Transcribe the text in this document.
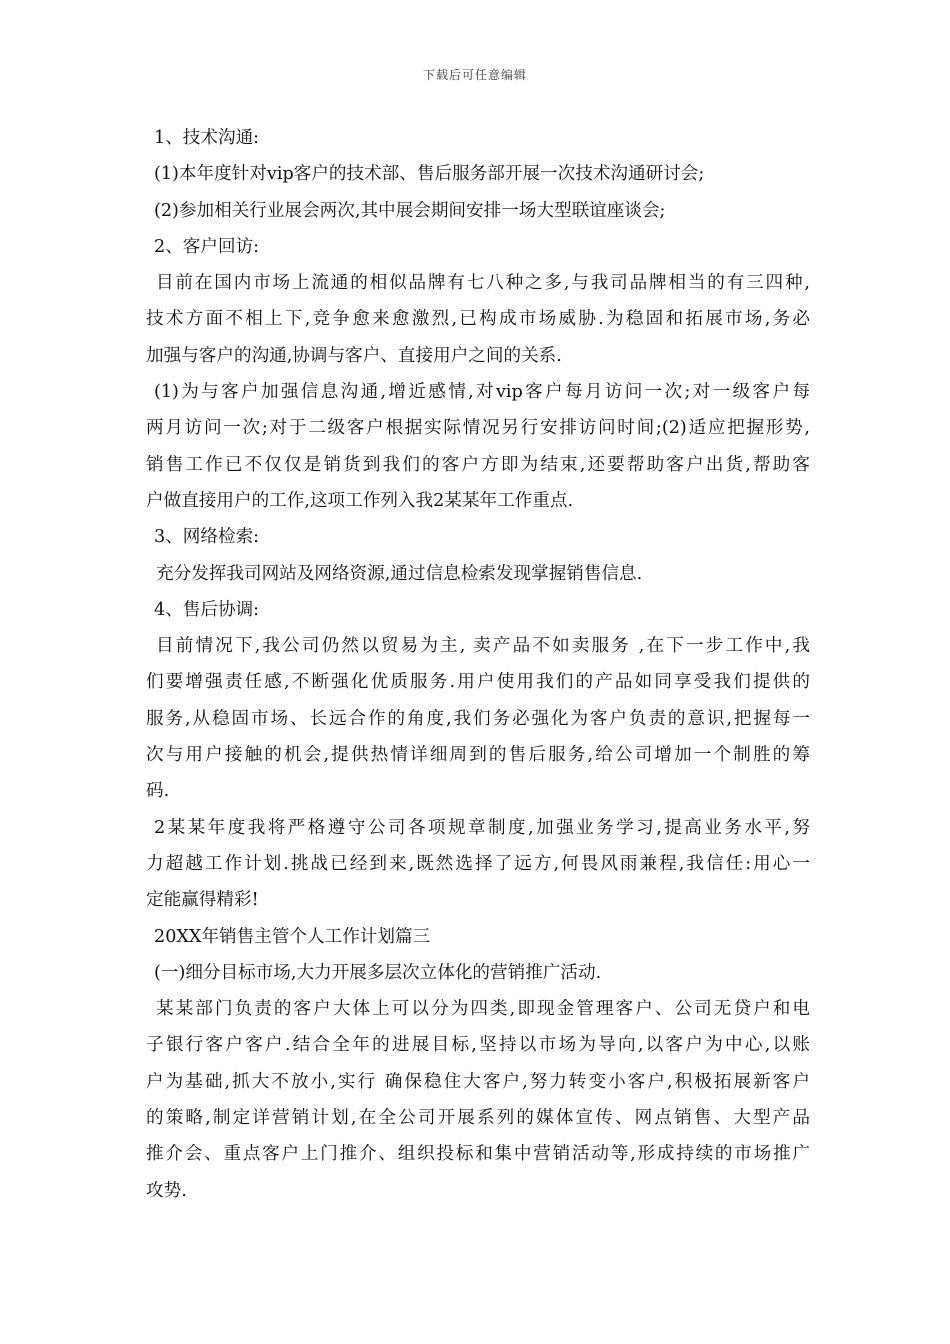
下载后可任意编辑
1、技术沟通:
(1)本年度针对vip客户的技术部、售后服务部开展一次技术沟通研讨会;
(2)参加相关行业展会两次,其中展会期间安排一场大型联谊座谈会;
2、客户回访:
目前在国内市场上流通的相似品牌有七八种之多,与我司品牌相当的有三四种,
技术方面不相上下,竞争愈来愈激烈,已构成市场威胁.为稳固和拓展市场,务必
加强与客户的沟通,协调与客户、直接用户之间的关系.
(1)为与客户加强信息沟通,增近感情,对vip客户每月访问一次;对一级客户每
两月访问一次;对于二级客户根据实际情况另行安排访问时间;(2)适应把握形势,
销售工作已不仅仅是销货到我们的客户方即为结束,还要帮助客户出货,帮助客
户做直接用户的工作,这项工作列入我2某某年工作重点.
3、网络检索:
充分发挥我司网站及网络资源,通过信息检索发现掌握销售信息.
4、售后协调:
目前情况下,我公司仍然以贸易为主, 卖产品不如卖服务 ,在下一步工作中,我
们要增强责任感,不断强化优质服务.用户使用我们的产品如同享受我们提供的
服务,从稳固市场、长远合作的角度,我们务必强化为客户负责的意识,把握每一
次与用户接触的机会,提供热情详细周到的售后服务,给公司增加一个制胜的筹
码.
2某某年度我将严格遵守公司各项规章制度,加强业务学习,提高业务水平,努
力超越工作计划.挑战已经到来,既然选择了远方,何畏风雨兼程,我信任:用心一
定能赢得精彩!
20XX年销售主管个人工作计划篇三
(一)细分目标市场,大力开展多层次立体化的营销推广活动.
某某部门负责的客户大体上可以分为四类,即现金管理客户、公司无贷户和电
子银行客户客户.结合全年的进展目标,坚持以市场为导向,以客户为中心,以账
户为基础,抓大不放小,实行 确保稳住大客户,努力转变小客户,积极拓展新客户
的策略,制定详营销计划,在全公司开展系列的媒体宣传、网点销售、大型产品
推介会、重点客户上门推介、组织投标和集中营销活动等,形成持续的市场推广
攻势.
